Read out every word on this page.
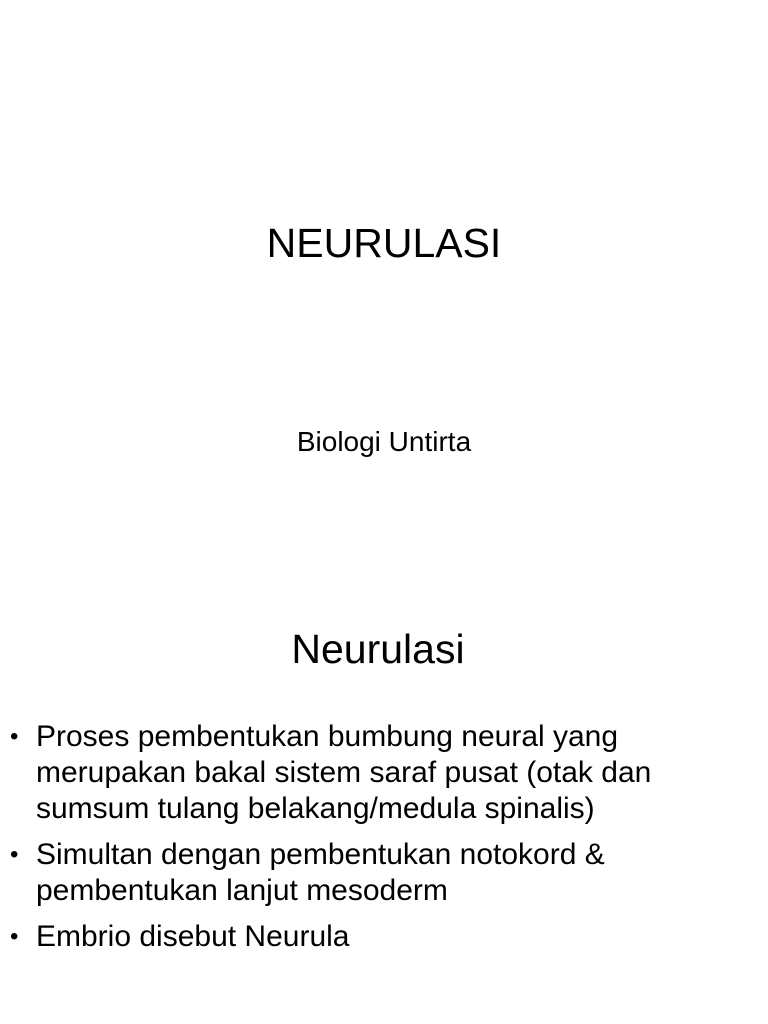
NEURULASI

Biologi Untirta

Neurulasi
• Proses pembentukan bumbung neural yang merupakan bakal sistem saraf pusat (otak dan sumsum tulang belakang/medula spinalis)
• Simultan dengan pembentukan notokord & pembentukan lanjut mesoderm
• Embrio disebut Neurula
